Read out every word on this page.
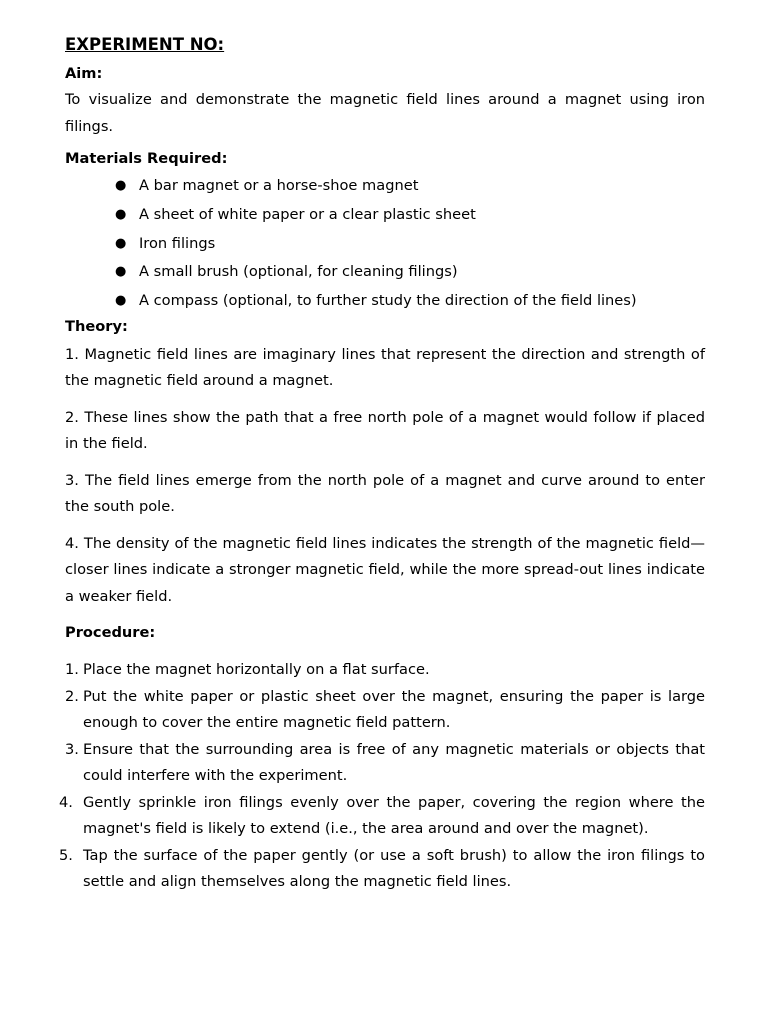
EXPERIMENT NO:
Aim:

To visualize and demonstrate the magnetic field lines around a magnet using iron filings.

Materials Required:
● A bar magnet or a horse-shoe magnet
● A sheet of white paper or a clear plastic sheet
● Iron filings
● A small brush (optional, for cleaning filings)
● A compass (optional, to further study the direction of the field lines)
Theory:

1. Magnetic field lines are imaginary lines that represent the direction and strength of the magnetic field around a magnet.

2. These lines show the path that a free north pole of a magnet would follow if placed in the field.

3. The field lines emerge from the north pole of a magnet and curve around to enter the south pole.

4. The density of the magnetic field lines indicates the strength of the magnetic field—closer lines indicate a stronger magnetic field, while the more spread-out lines indicate a weaker field.

Procedure:
1. Place the magnet horizontally on a flat surface.
2. Put the white paper or plastic sheet over the magnet, ensuring the paper is large enough to cover the entire magnetic field pattern.
3. Ensure that the surrounding area is free of any magnetic materials or objects that could interfere with the experiment.
4. Gently sprinkle iron filings evenly over the paper, covering the region where the magnet's field is likely to extend (i.e., the area around and over the magnet).
5. Tap the surface of the paper gently (or use a soft brush) to allow the iron filings to settle and align themselves along the magnetic field lines.
